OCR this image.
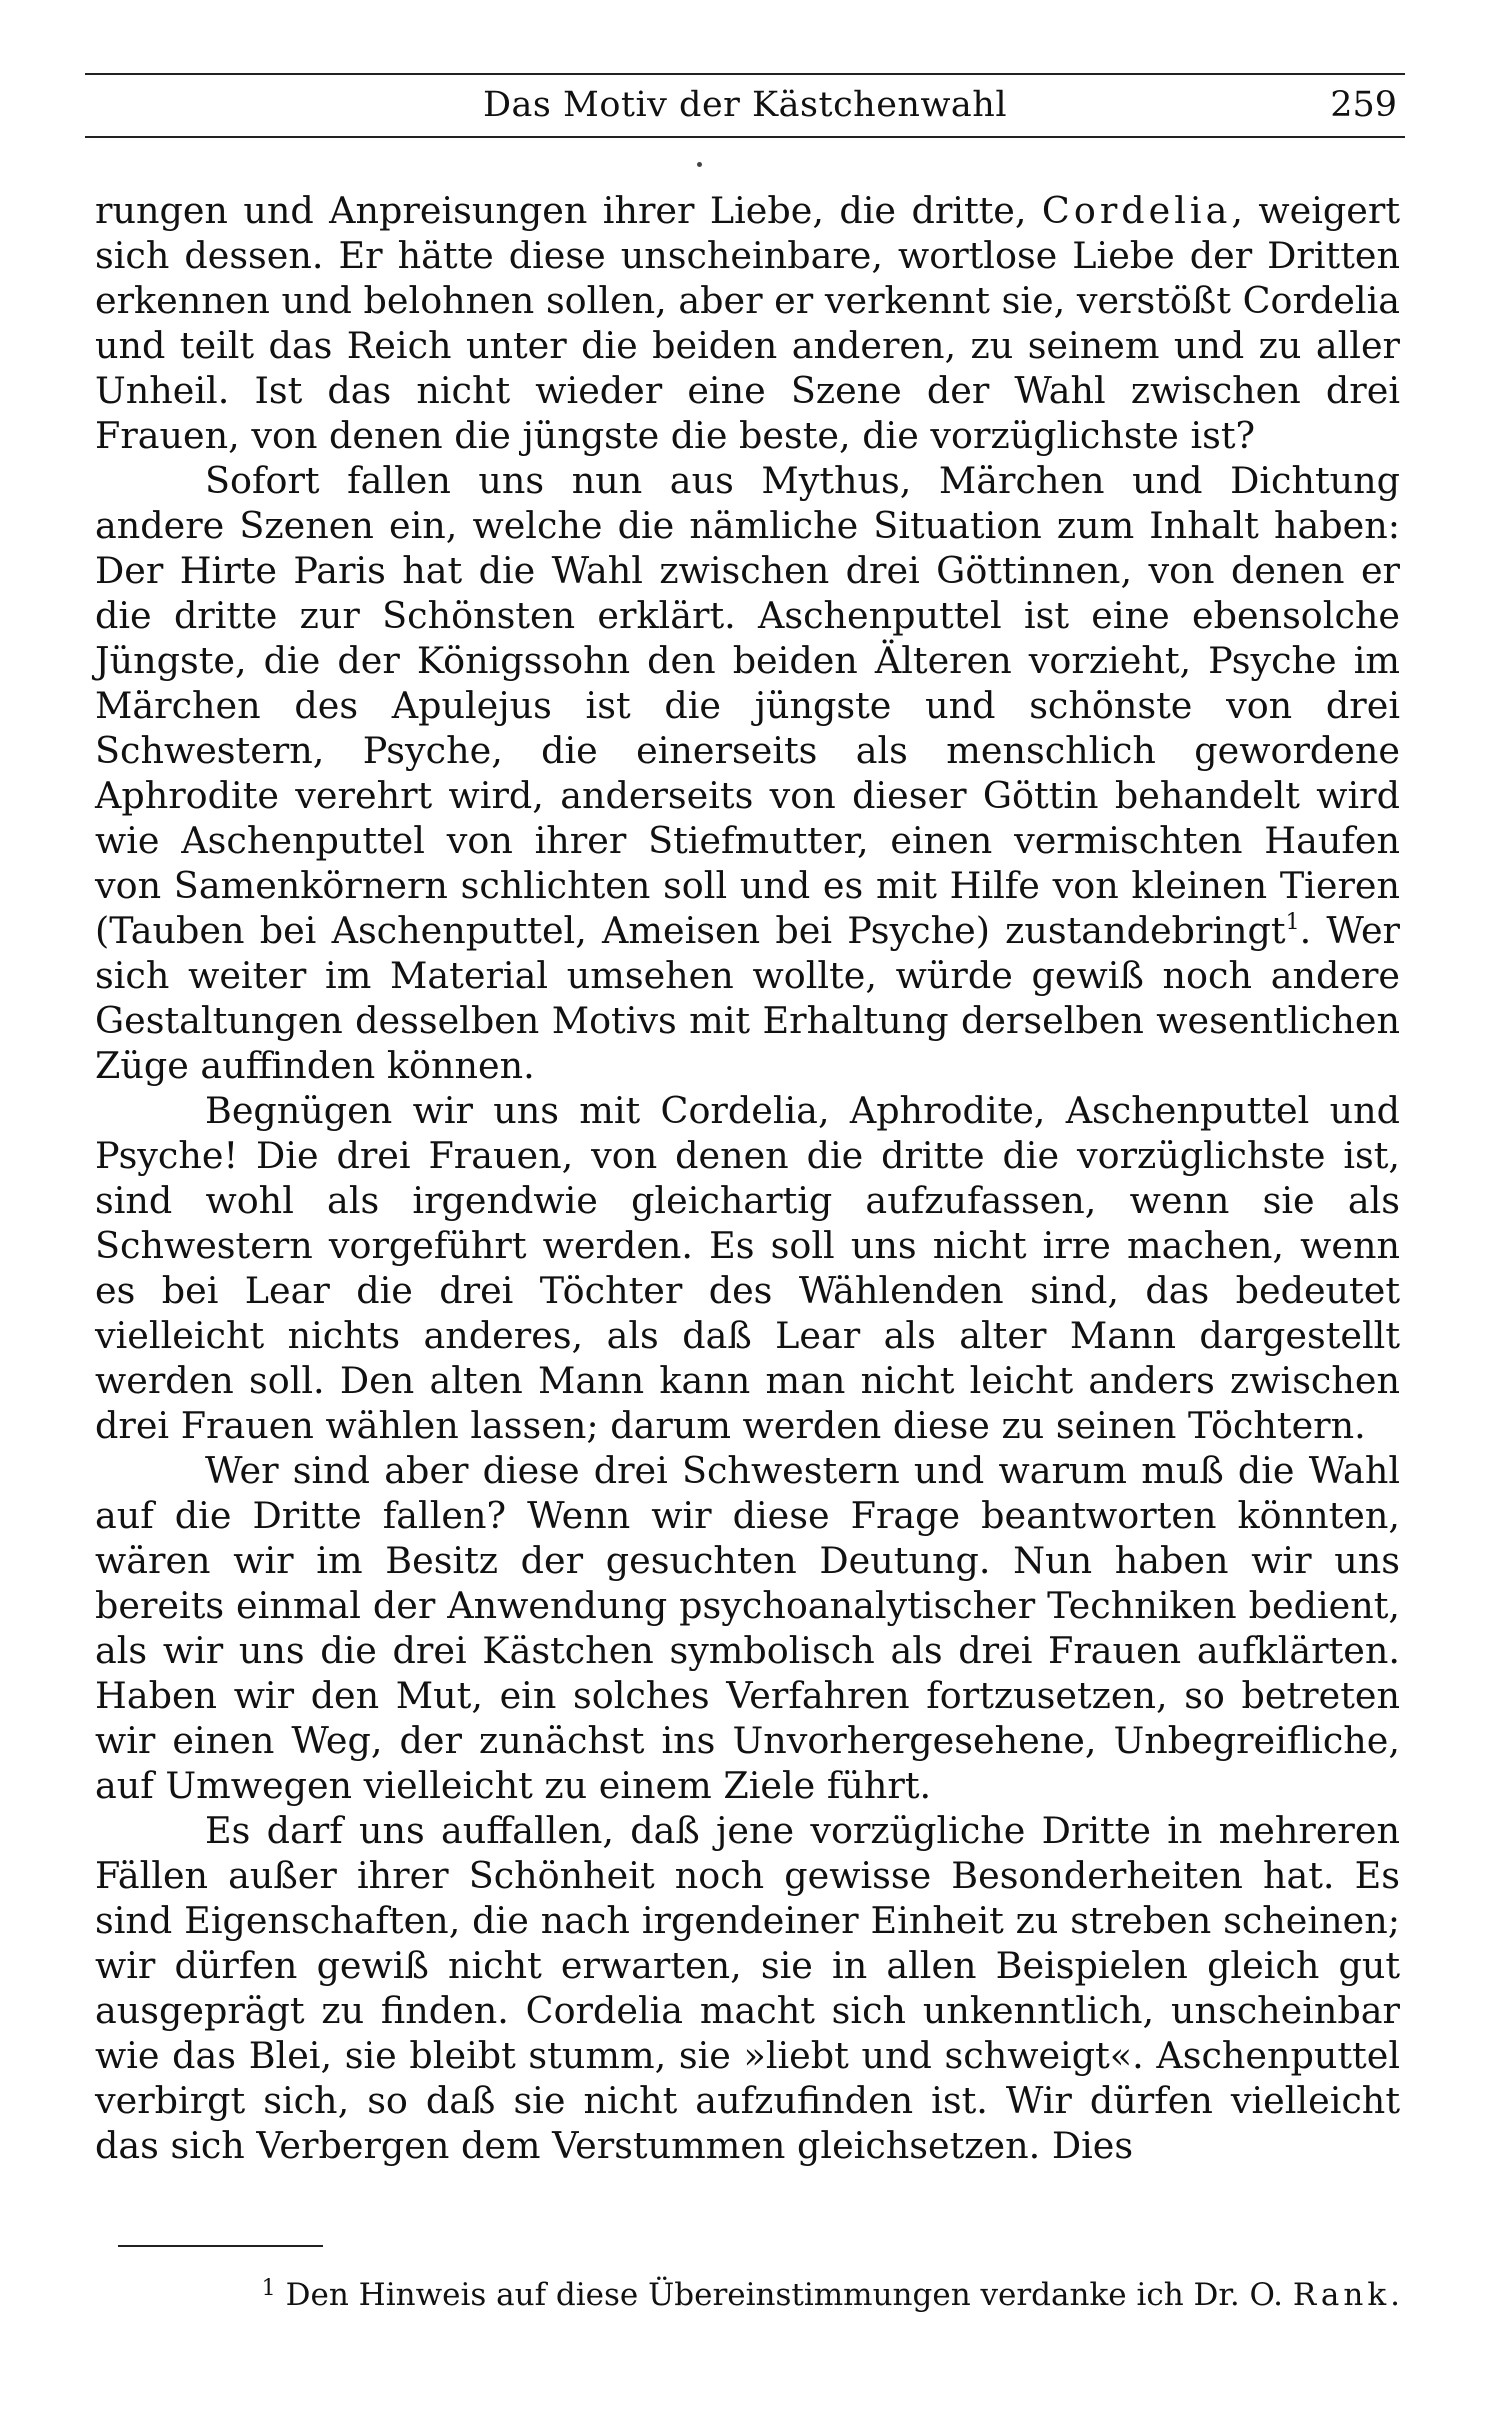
Das Motiv der Kästchenwahl	259

rungen und Anpreisungen ihrer Liebe, die dritte, Cordelia, weigert sich dessen. Er hätte diese unscheinbare, wortlose Liebe der Dritten erkennen und belohnen sollen, aber er verkennt sie, verstößt Cordelia und teilt das Reich unter die beiden anderen, zu seinem und zu aller Unheil. Ist das nicht wieder eine Szene der Wahl zwischen drei Frauen, von denen die jüngste die beste, die vorzüglichste ist?

Sofort fallen uns nun aus Mythus, Märchen und Dichtung andere Szenen ein, welche die nämliche Situation zum Inhalt haben: Der Hirte Paris hat die Wahl zwischen drei Göttinnen, von denen er die dritte zur Schönsten erklärt. Aschenputtel ist eine ebensolche Jüngste, die der Königssohn den beiden Älteren vorzieht, Psyche im Märchen des Apulejus ist die jüngste und schönste von drei Schwestern, Psyche, die einerseits als menschlich gewordene Aphrodite verehrt wird, anderseits von dieser Göttin behandelt wird wie Aschenputtel von ihrer Stiefmutter, einen vermischten Haufen von Samenkörnern schlichten soll und es mit Hilfe von kleinen Tieren (Tauben bei Aschenputtel, Ameisen bei Psyche) zustandebringt$^1$. Wer sich weiter im Material umsehen wollte, würde gewiß noch andere Gestaltungen desselben Motivs mit Erhaltung derselben wesentlichen Züge auffinden können.

Begnügen wir uns mit Cordelia, Aphrodite, Aschenputtel und Psyche! Die drei Frauen, von denen die dritte die vorzüglichste ist, sind wohl als irgendwie gleichartig aufzufassen, wenn sie als Schwestern vorgeführt werden. Es soll uns nicht irre machen, wenn es bei Lear die drei Töchter des Wählenden sind, das bedeutet vielleicht nichts anderes, als daß Lear als alter Mann dargestellt werden soll. Den alten Mann kann man nicht leicht anders zwischen drei Frauen wählen lassen; darum werden diese zu seinen Töchtern.

Wer sind aber diese drei Schwestern und warum muß die Wahl auf die Dritte fallen? Wenn wir diese Frage beantworten könnten, wären wir im Besitz der gesuchten Deutung. Nun haben wir uns bereits einmal der Anwendung psychoanalytischer Techniken bedient, als wir uns die drei Kästchen symbolisch als drei Frauen aufklärten. Haben wir den Mut, ein solches Verfahren fortzusetzen, so betreten wir einen Weg, der zunächst ins Unvorhergesehene, Unbegreifliche, auf Umwegen vielleicht zu einem Ziele führt.

Es darf uns auffallen, daß jene vorzügliche Dritte in mehreren Fällen außer ihrer Schönheit noch gewisse Besonderheiten hat. Es sind Eigenschaften, die nach irgendeiner Einheit zu streben scheinen; wir dürfen gewiß nicht erwarten, sie in allen Beispielen gleich gut ausgeprägt zu finden. Cordelia macht sich unkenntlich, unscheinbar wie das Blei, sie bleibt stumm, sie »liebt und schweigt«. Aschenputtel verbirgt sich, so daß sie nicht aufzufinden ist. Wir dürfen vielleicht das sich Verbergen dem Verstummen gleichsetzen. Dies

$^1$ Den Hinweis auf diese Übereinstimmungen verdanke ich Dr. O. Rank.
